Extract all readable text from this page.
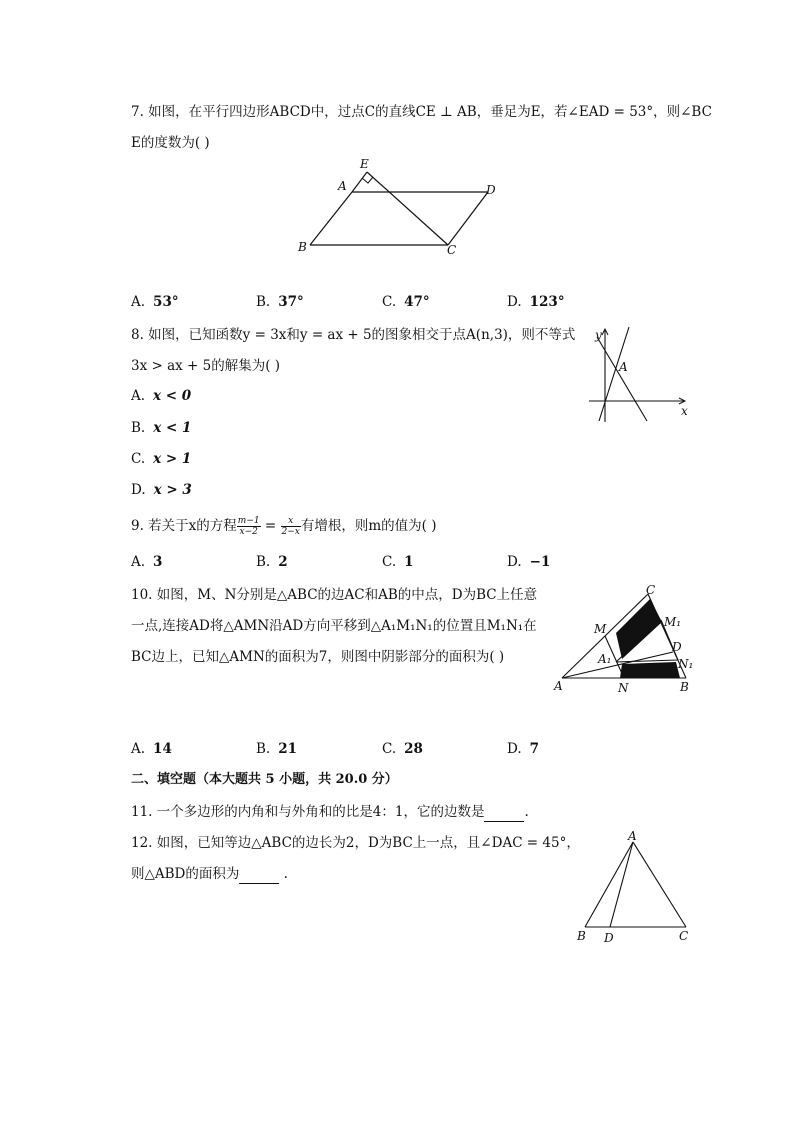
7. 如图，在平行四边形ABCD中，过点C的直线CE ⊥ AB，垂足为E，若∠EAD = 53°，则∠BC
E的度数为( )
E
A	D
B	C
A. 53°	B. 37°	C. 47°	D. 123°
8. 如图，已知函数y = 3x和y = ax + 5的图象相交于点A(n,3)，则不等式
3x > ax + 5的解集为( )
y
A
x
A. x < 0
B. x < 1
C. x > 1
D. x > 3
9. 若关于x的方程 $\frac{m-1}{x-2} = \frac{x}{2-x}$ 有增根，则m的值为( )
A. 3	B. 2	C. 1	D. −1
10. 如图，M、N分别是△ABC的边AC和AB的中点，D为BC上任意
一点,连接AD将△AMN沿AD方向平移到△A₁M₁N₁的位置且M₁N₁在
BC边上，已知△AMN的面积为7，则图中阴影部分的面积为( )
C
M₁
M
D
A₁	N₁
A	N	B
A. 14	B. 21	C. 28	D. 7
二、填空题（本大题共 5 小题，共 20.0 分）
11. 一个多边形的内角和与外角和的比是4：1，它的边数是	.
12. 如图，已知等边△ABC的边长为2，D为BC上一点，且∠DAC = 45°，
则△ABD的面积为	.
A
B D	C
